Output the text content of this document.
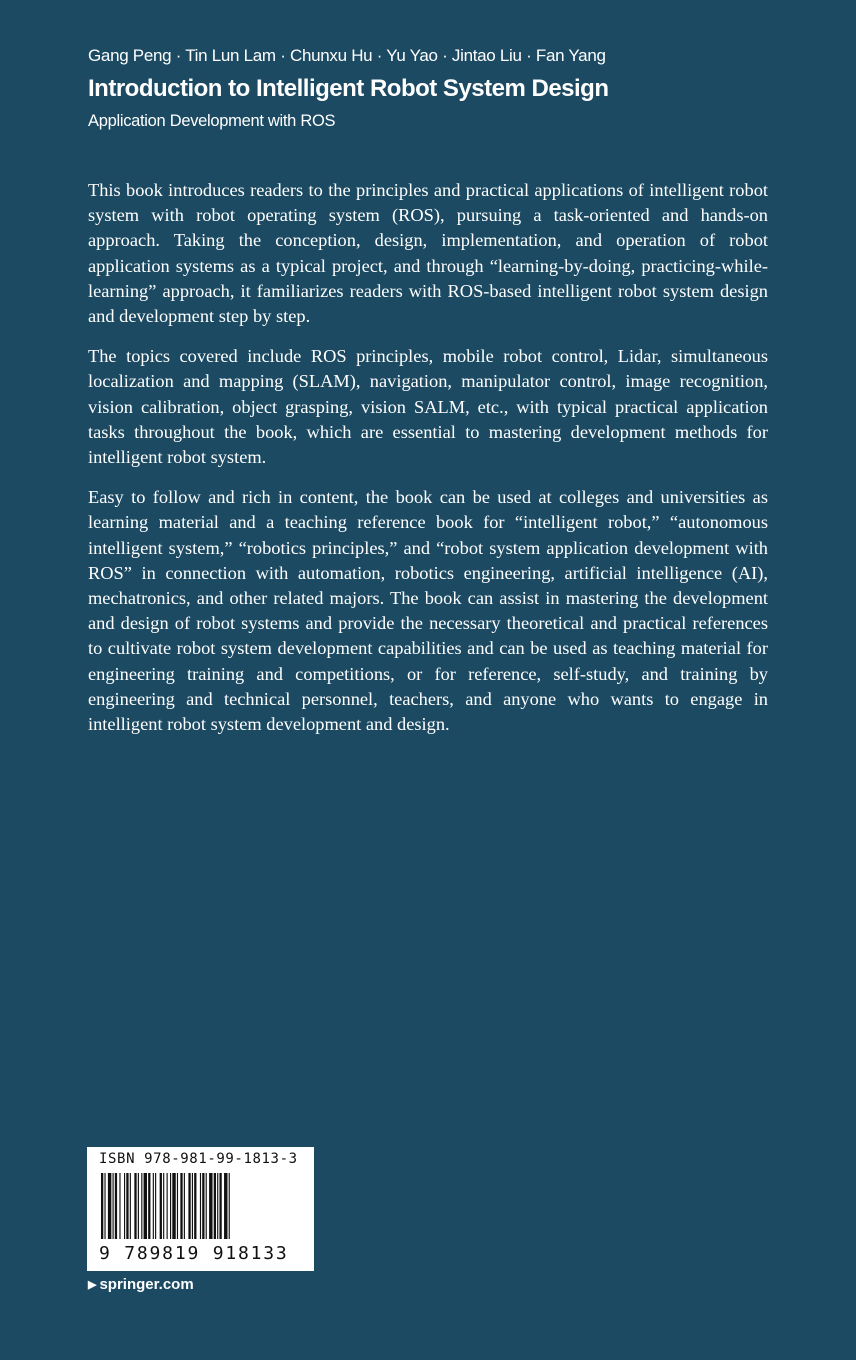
Gang Peng · Tin Lun Lam · Chunxu Hu · Yu Yao · Jintao Liu · Fan Yang
Introduction to Intelligent Robot System Design
Application Development with ROS

This book introduces readers to the principles and practical applications of intelligent robot system with robot operating system (ROS), pursuing a task-oriented and hands-on approach. Taking the conception, design, implementation, and operation of robot application systems as a typical project, and through “learning-by-doing, practicing-while-learning” approach, it familiarizes readers with ROS-based intelligent robot system design and development step by step.

The topics covered include ROS principles, mobile robot control, Lidar, simultaneous localization and mapping (SLAM), navigation, manipulator control, image recognition, vision calibration, object grasping, vision SALM, etc., with typical practical application tasks throughout the book, which are essential to mastering development methods for intelligent robot system.

Easy to follow and rich in content, the book can be used at colleges and universities as learning material and a teaching reference book for “intelligent robot,” “autonomous intelligent system,” “robotics principles,” and “robot system application development with ROS” in connection with automation, robotics engineering, artificial intelligence (AI), mechatronics, and other related majors. The book can assist in mastering the development and design of robot systems and provide the necessary theoretical and practical references to cultivate robot system development capabilities and can be used as teaching material for engineering training and competitions, or for reference, self-study, and training by engineering and technical personnel, teachers, and anyone who wants to engage in intelligent robot system development and design.

ISBN 978-981-99-1813-3
9 789819 918133
▶ springer.com
